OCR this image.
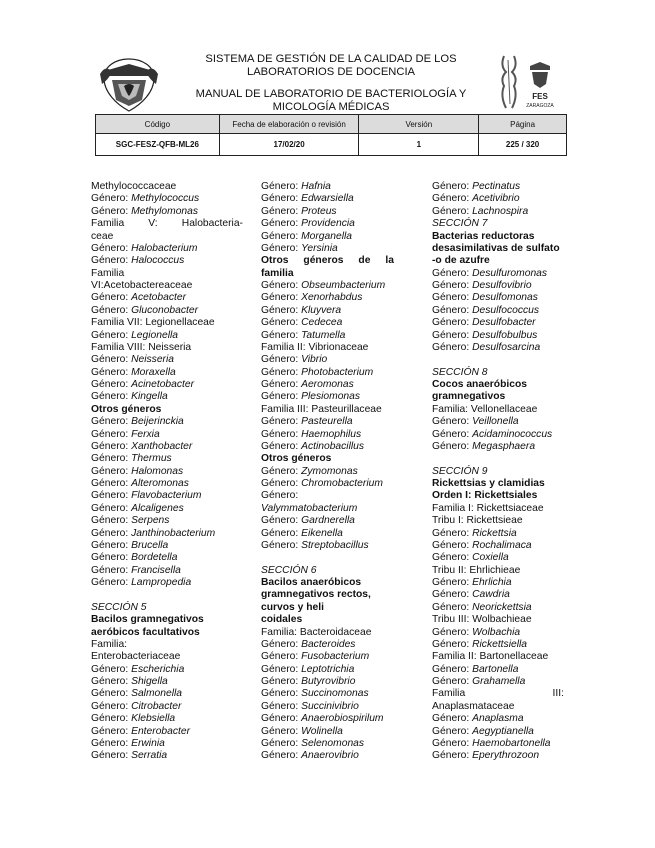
FES
ZARAGOZA
SISTEMA DE GESTIÓN DE LA CALIDAD DE LOS
LABORATORIOS DE DOCENCIA
MANUAL DE LABORATORIO DE BACTERIOLOGÍA Y
MICOLOGÍA MÉDICAS
Código	Fecha de elaboración o revisión	Versión	Página
SGC-FESZ-QFB-ML26	17/02/20	1	225 / 320
Methylococcaceae
Género: Methylococcus
Género: Methylomonas
Familia V: Halobacteria-
ceae
Género: Halobacterium
Género: Halococcus
Familia
VI:Acetobactereaceae
Género: Acetobacter
Género: Gluconobacter
Familia VII: Legionellaceae
Género: Legionella
Familia VIII: Neisseria
Género: Neisseria
Género: Moraxella
Género: Acinetobacter
Género: Kingella
Otros géneros
Género: Beijerinckia
Género: Ferxia
Género: Xanthobacter
Género: Thermus
Género: Halomonas
Género: Alteromonas
Género: Flavobacterium
Género: Alcaligenes
Género: Serpens
Género: Janthinobacterium
Género: Brucella
Género: Bordetella
Género: Francisella
Género: Lampropedia
SECCIÓN 5
Bacilos gramnegativos aeróbicos facultativos
Familia:
Enterobacteriaceae
Género: Escherichia
Género: Shigella
Género: Salmonella
Género: Citrobacter
Género: Klebsiella
Género: Enterobacter
Género: Erwinia
Género: Serratia
Género: Hafnia
Género: Edwarsiella
Género: Proteus
Género: Providencia
Género: Morganella
Género: Yersinia
Otros géneros de la
familia
Género: Obseumbacterium
Género: Xenorhabdus
Género: Kluyvera
Género: Cedecea
Género: Tatumella
Familia II: Vibrionaceae
Género: Vibrio
Género: Photobacterium
Género: Aeromonas
Género: Plesiomonas
Familia III: Pasteurillaceae
Género: Pasteurella
Género: Haemophilus
Género: Actinobacillus
Otros géneros
Género: Zymomonas
Género: Chromobacterium
Género:
Valymmatobacterium
Género: Gardnerella
Género: Eikenella
Género: Streptobacillus
SECCIÓN 6
Bacilos anaeróbicos gramnegativos rectos, curvos y heli
coidales
Familia: Bacteroidaceae
Género: Bacteroides
Género: Fusobacterium
Género: Leptotrichia
Género: Butyrovibrio
Género: Succinomonas
Género: Succinivibrio
Género: Anaerobiospirilum
Género: Wolinella
Género: Selenomonas
Género: Anaerovibrio
Género: Pectinatus
Género: Acetivibrio
Género: Lachnospira
SECCIÓN 7
Bacterias reductoras desasimilativas de sulfato -o de azufre
Género: Desulfuromonas
Género: Desulfovibrio
Género: Desulfomonas
Género: Desulfococcus
Género: Desulfobacter
Género: Desulfobulbus
Género: Desulfosarcina
SECCIÓN 8
Cocos anaeróbicos gramnegativos
Familia: Vellonellaceae
Género: Veillonella
Género: Acidaminococcus
Género: Megasphaera
SECCIÓN 9
Rickettsias y clamidias
Orden I: Rickettsiales
Familia I: Rickettsiaceae
Tribu I: Rickettsieae
Género: Rickettsia
Género: Rochalimaca
Género: Coxiella
Tribu II: Ehrlichieae
Género: Ehrlichia
Género: Cawdria
Género: Neorickettsia
Tribu III: Wolbachieae
Género: Wolbachia
Género: Rickettsiella
Familia II: Bartonellaceae
Género: Bartonella
Género: Grahamella
Familia III:
Anaplasmataceae
Género: Anaplasma
Género: Aegyptianella
Género: Haemobartonella
Género: Eperythrozoon
